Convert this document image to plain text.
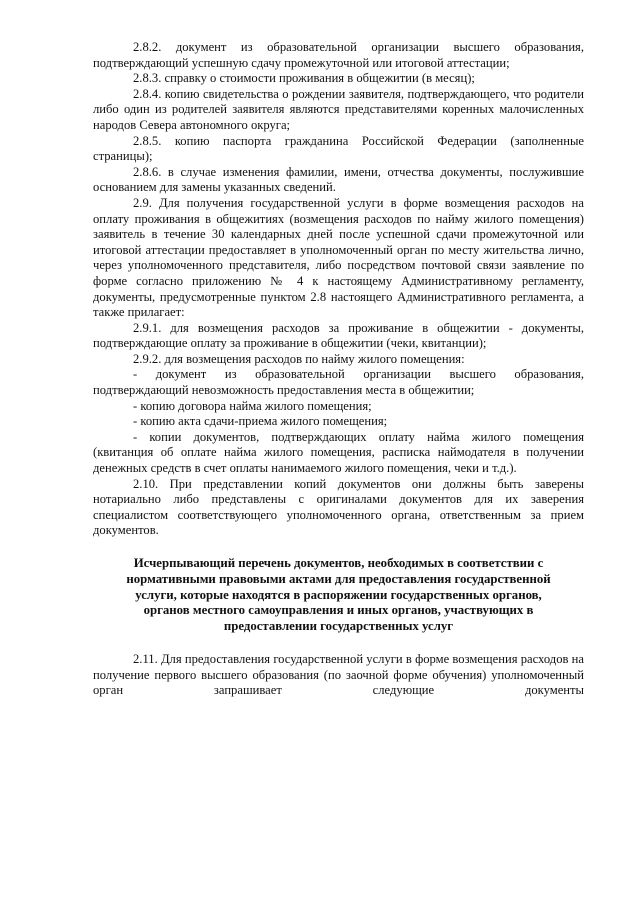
2.8.2. документ из образовательной организации высшего образования, подтверждающий успешную сдачу промежуточной или итоговой аттестации;

2.8.3. справку о стоимости проживания в общежитии (в месяц);

2.8.4. копию свидетельства о рождении заявителя, подтверждающего, что родители либо один из родителей заявителя являются представителями коренных малочисленных народов Севера автономного округа;

2.8.5. копию паспорта гражданина Российской Федерации (заполненные страницы);

2.8.6. в случае изменения фамилии, имени, отчества документы, послужившие основанием для замены указанных сведений.

2.9. Для получения государственной услуги в форме возмещения расходов на оплату проживания в общежитиях (возмещения расходов по найму жилого помещения) заявитель в течение 30 календарных дней после успешной сдачи промежуточной или итоговой аттестации предоставляет в уполномоченный орган по месту жительства лично, через уполномоченного представителя, либо посредством почтовой связи заявление по форме согласно приложению № 4 к настоящему Административному регламенту, документы, предусмотренные пунктом 2.8 настоящего Административного регламента, а также прилагает:

2.9.1. для возмещения расходов за проживание в общежитии - документы, подтверждающие оплату за проживание в общежитии (чеки, квитанции);

2.9.2. для возмещения расходов по найму жилого помещения:

- документ из образовательной организации высшего образования, подтверждающий невозможность предоставления места в общежитии;

- копию договора найма жилого помещения;

- копию акта сдачи-приема жилого помещения;

- копии документов, подтверждающих оплату найма жилого помещения (квитанция об оплате найма жилого помещения, расписка наймодателя в получении денежных средств в счет оплаты нанимаемого жилого помещения, чеки и т.д.).

2.10. При представлении копий документов они должны быть заверены нотариально либо представлены с оригиналами документов для их заверения специалистом соответствующего уполномоченного органа, ответственным за прием документов.

Исчерпывающий перечень документов, необходимых в соответствии с

нормативными правовыми актами для предоставления государственной

услуги, которые находятся в распоряжении государственных органов,

органов местного самоуправления и иных органов, участвующих в

предоставлении государственных услуг

2.11. Для предоставления государственной услуги в форме возмещения расходов на получение первого высшего образования (по заочной форме обучения) уполномоченный орган запрашивает следующие документы
